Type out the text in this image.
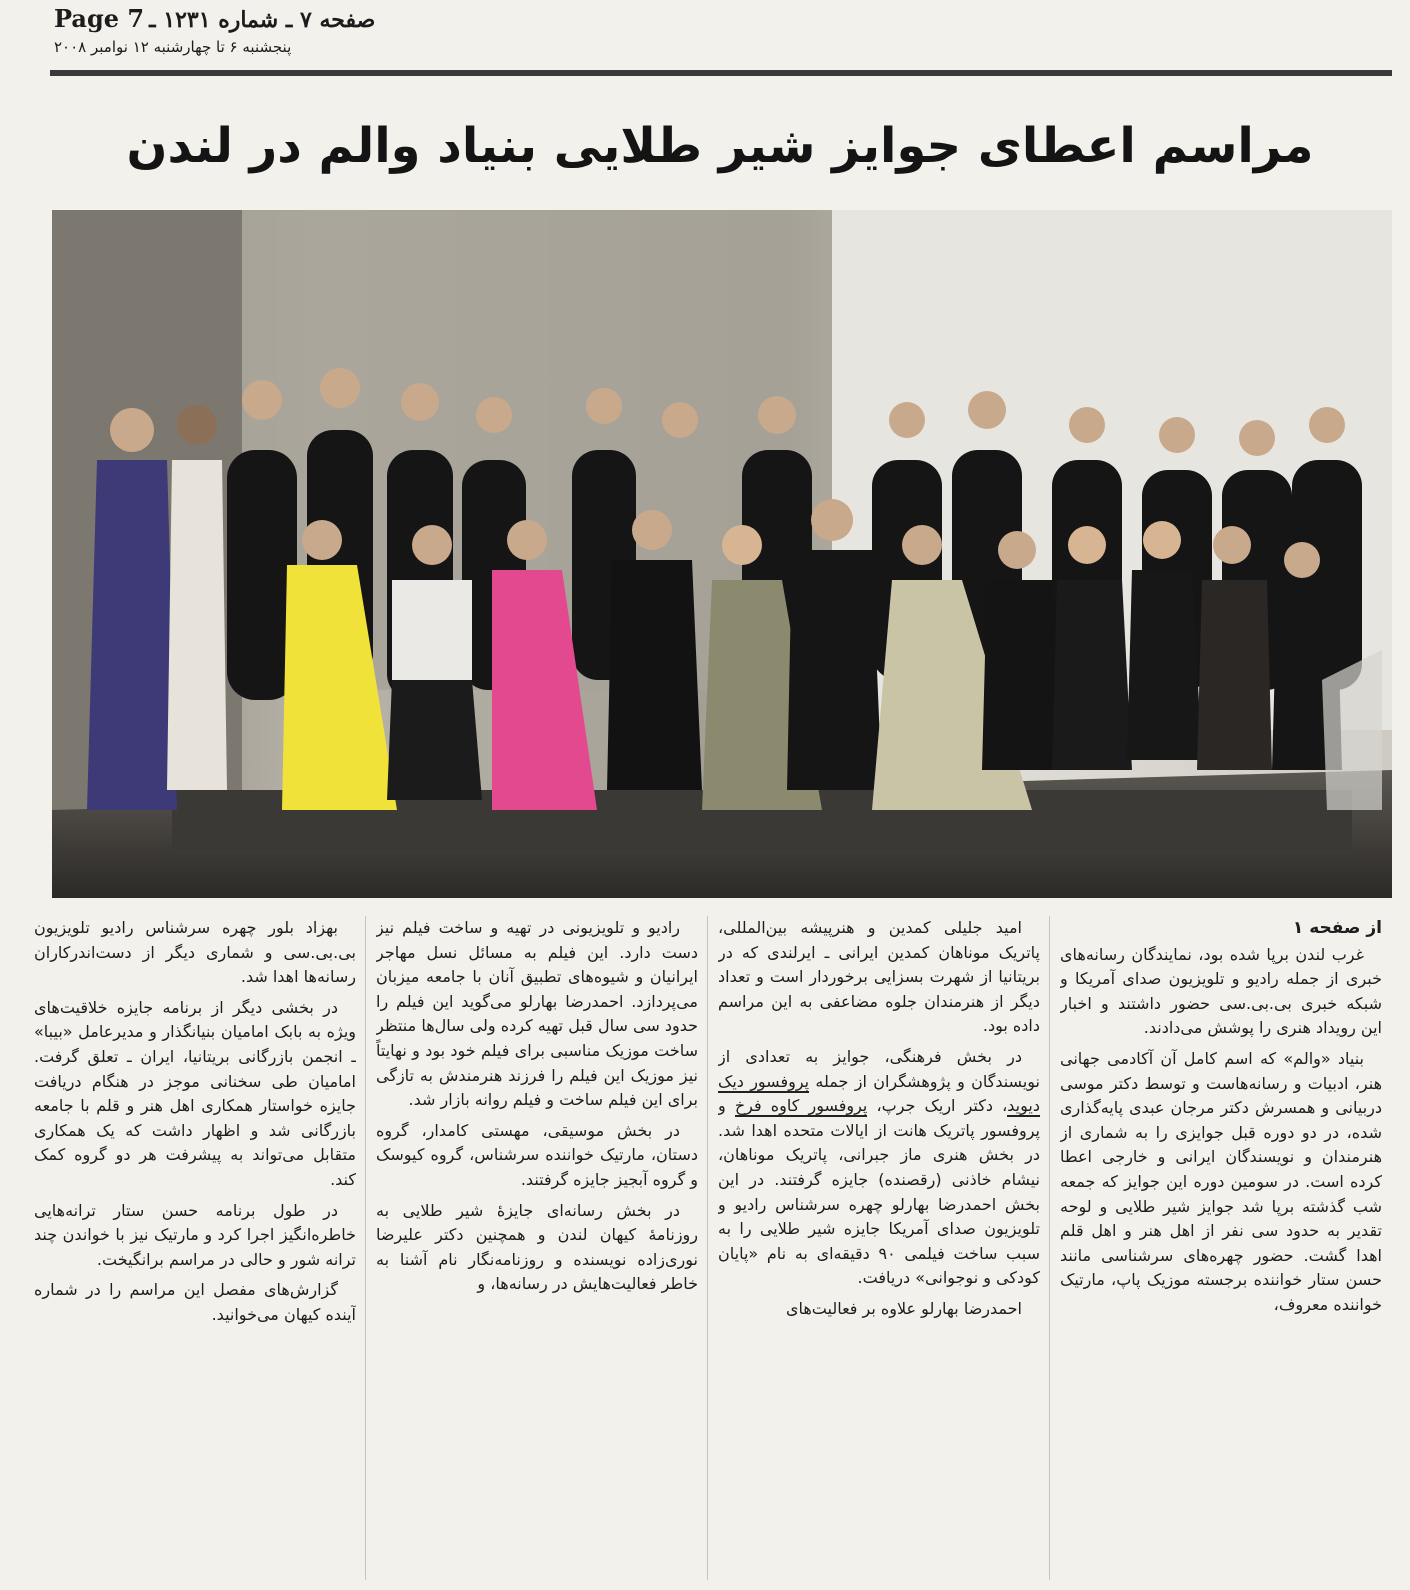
Page 7 صفحه ۷ ـ شماره ۱۲۳۱ ـ
پنجشنبه ۶ تا چهارشنبه ۱۲ نوامبر ۲۰۰۸
مراسم اعطای جوایز شیر طلایی بنیاد والم در لندن

از صفحه ۱

غرب لندن برپا شده بود، نمایندگان رسانه‌های خبری از جمله رادیو و تلویزیون صدای آمریکا و شبکه خبری بی.بی.سی حضور داشتند و اخبار این رویداد هنری را پوشش می‌دادند.

بنیاد «والم» که اسم کامل آن آکادمی جهانی هنر، ادبیات و رسانه‌هاست و توسط دکتر موسی دربیانی و همسرش دکتر مرجان عبدی پایه‌گذاری شده، در دو دوره قبل جوایزی را به شماری از هنرمندان و نویسندگان ایرانی و خارجی اعطا کرده است. در سومین دوره این جوایز که جمعه شب گذشته برپا شد جوایز شیر طلایی و لوحه تقدیر به حدود سی نفر از اهل هنر و اهل قلم اهدا گشت. حضور چهره‌های سرشناسی مانند حسن ستار خواننده برجسته موزیک پاپ، مارتیک خواننده معروف،

امید جلیلی کمدین و هنرپیشه بین‌المللی، پاتریک موناهان کمدین ایرانی ـ ایرلندی که در بریتانیا از شهرت بسزایی برخوردار است و تعداد دیگر از هنرمندان جلوه مضاعفی به این مراسم داده بود.

در بخش فرهنگی، جوایز به تعدادی از نویسندگان و پژوهشگران از جمله پروفسور دیک دیوید، دکتر اریک جرپ، پروفسور کاوه فرخ و پروفسور پاتریک هانت از ایالات متحده اهدا شد. در بخش هنری ماز جبرانی، پاتریک موناهان، نیشام خاذنی (رقصنده) جایزه گرفتند. در این بخش احمدرضا بهارلو چهره سرشناس رادیو و تلویزیون صدای آمریکا جایزه شیر طلایی را به سبب ساخت فیلمی ۹۰ دقیقه‌ای به نام «پایان کودکی و نوجوانی» دریافت.

احمدرضا بهارلو علاوه بر فعالیت‌های

رادیو و تلویزیونی در تهیه و ساخت فیلم نیز دست دارد. این فیلم به مسائل نسل مهاجر ایرانیان و شیوه‌های تطبیق آنان با جامعه میزبان می‌پردازد. احمدرضا بهارلو می‌گوید این فیلم را حدود سی سال قبل تهیه کرده ولی سال‌ها منتظر ساخت موزیک مناسبی برای فیلم خود بود و نهایتاً نیز موزیک این فیلم را فرزند هنرمندش به تازگی برای این فیلم ساخت و فیلم روانه بازار شد.

در بخش موسیقی، مهستی کامدار، گروه دستان، مارتیک خواننده سرشناس، گروه کیوسک و گروه آبجیز جایزه گرفتند.

در بخش رسانه‌ای جایزهٔ شیر طلایی به روزنامهٔ کیهان لندن و همچنین دکتر علیرضا نوری‌زاده نویسنده و روزنامه‌نگار نام آشنا به خاطر فعالیت‌هایش در رسانه‌ها، و

بهزاد بلور چهره سرشناس رادیو تلویزیون بی.بی.سی و شماری دیگر از دست‌اندرکاران رسانه‌ها اهدا شد.

در بخشی دیگر از برنامه جایزه خلاقیت‌های ویژه به بابک امامیان بنیانگذار و مدیرعامل «بیبا» ـ انجمن بازرگانی بریتانیا، ایران ـ تعلق گرفت. امامیان طی سخنانی موجز در هنگام دریافت جایزه خواستار همکاری اهل هنر و قلم با جامعه بازرگانی شد و اظهار داشت که یک همکاری متقابل می‌تواند به پیشرفت هر دو گروه کمک کند.

در طول برنامه حسن ستار ترانه‌هایی خاطره‌انگیز اجرا کرد و مارتیک نیز با خواندن چند ترانه شور و حالی در مراسم برانگیخت.

گزارش‌های مفصل این مراسم را در شماره آینده کیهان می‌خوانید.
